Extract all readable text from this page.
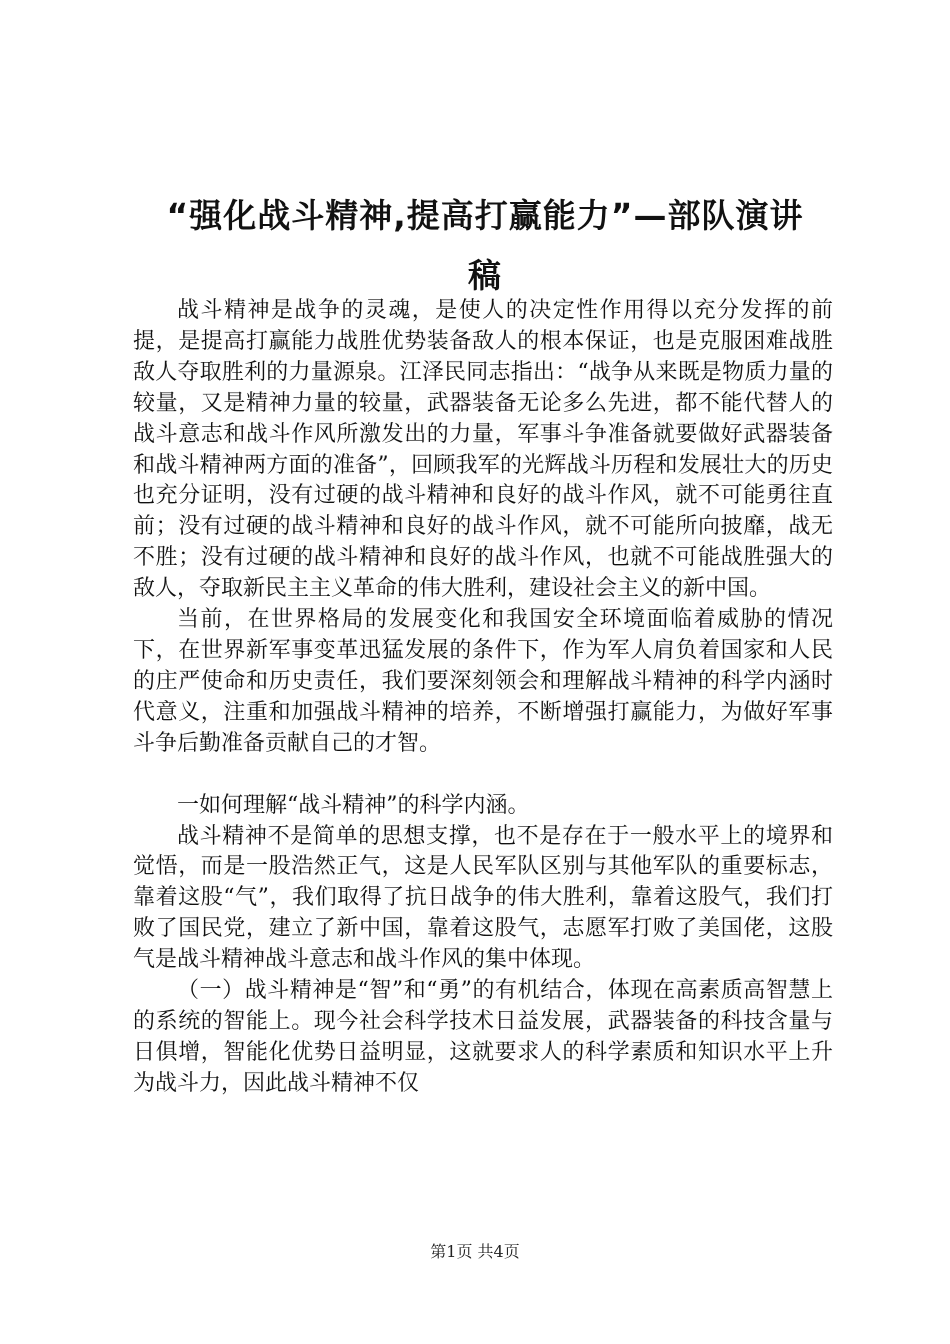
“强化战斗精神,提高打赢能力”—部队演讲
稿

战斗精神是战争的灵魂，是使人的决定性作用得以充分发挥的前提，是提高打赢能力战胜优势装备敌人的根本保证，也是克服困难战胜敌人夺取胜利的力量源泉。江泽民同志指出：“战争从来既是物质力量的较量，又是精神力量的较量，武器装备无论多么先进，都不能代替人的战斗意志和战斗作风所激发出的力量，军事斗争准备就要做好武器装备和战斗精神两方面的准备”，回顾我军的光辉战斗历程和发展壮大的历史也充分证明，没有过硬的战斗精神和良好的战斗作风，就不可能勇往直前；没有过硬的战斗精神和良好的战斗作风，就不可能所向披靡，战无不胜；没有过硬的战斗精神和良好的战斗作风，也就不可能战胜强大的敌人，夺取新民主主义革命的伟大胜利，建设社会主义的新中国。

当前，在世界格局的发展变化和我国安全环境面临着威胁的情况下，在世界新军事变革迅猛发展的条件下，作为军人肩负着国家和人民的庄严使命和历史责任，我们要深刻领会和理解战斗精神的科学内涵时代意义，注重和加强战斗精神的培养，不断增强打赢能力，为做好军事斗争后勤准备贡献自己的才智。

一如何理解“战斗精神”的科学内涵。

战斗精神不是简单的思想支撑，也不是存在于一般水平上的境界和觉悟，而是一股浩然正气，这是人民军队区别与其他军队的重要标志，靠着这股“气”，我们取得了抗日战争的伟大胜利，靠着这股气，我们打败了国民党，建立了新中国，靠着这股气，志愿军打败了美国佬，这股气是战斗精神战斗意志和战斗作风的集中体现。

（一）战斗精神是“智”和“勇”的有机结合，体现在高素质高智慧上的系统的智能上。现今社会科学技术日益发展，武器装备的科技含量与日俱增，智能化优势日益明显，这就要求人的科学素质和知识水平上升为战斗力，因此战斗精神不仅

第1页 共4页
